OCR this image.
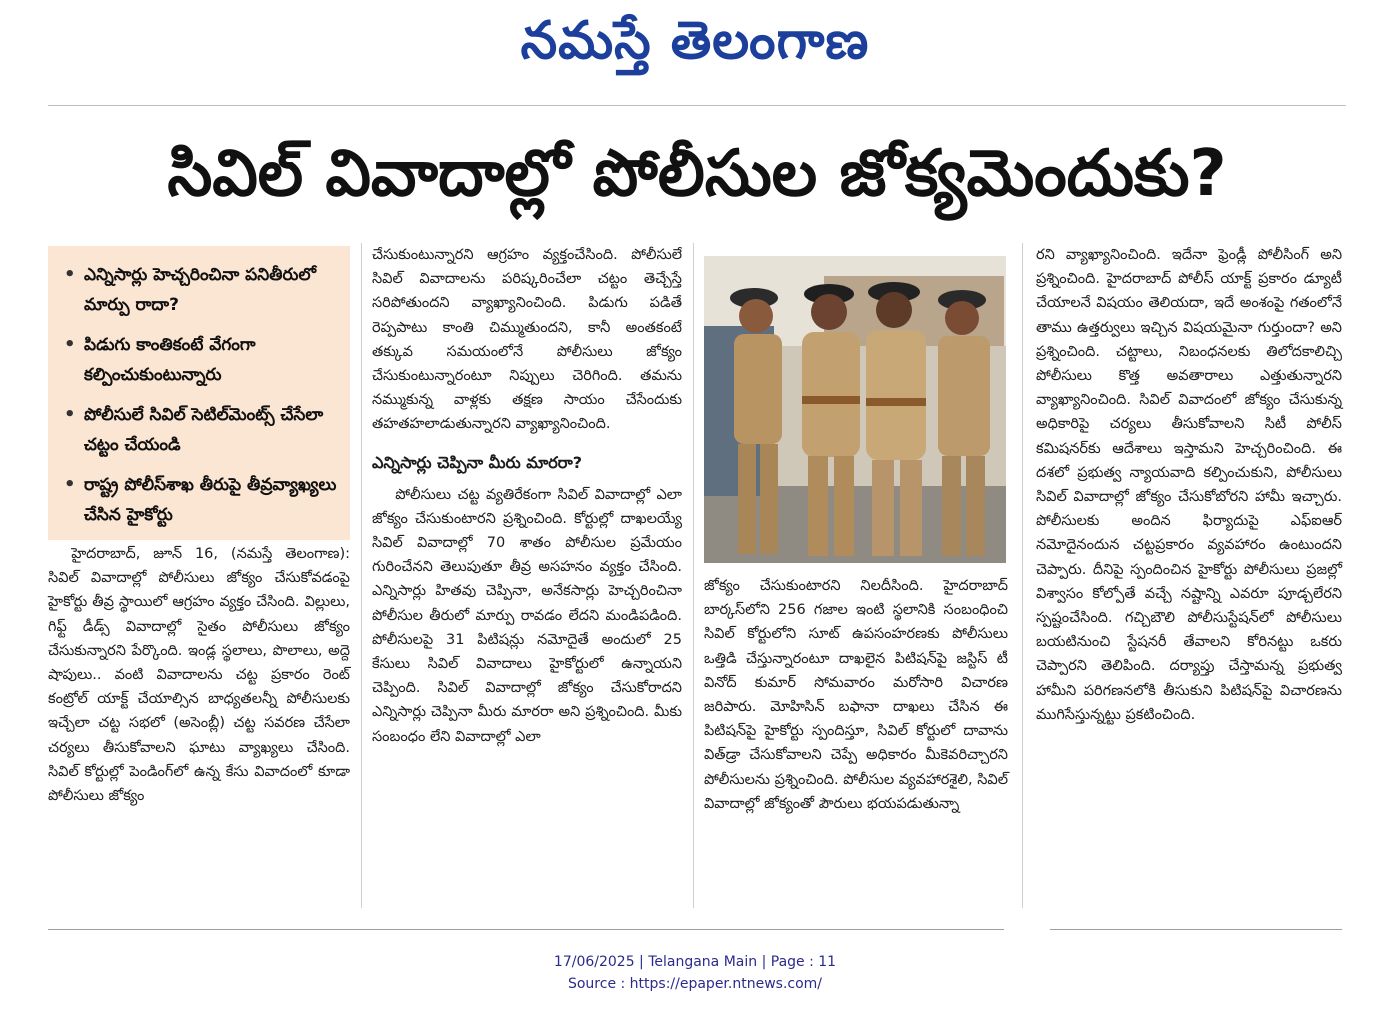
నమస్తే తెలంగాణ
సివిల్ వివాదాల్లో పోలీసుల జోక్యమెందుకు?
• ఎన్నిసార్లు హెచ్చరించినా పనితీరులో మార్పు రాదా?
• పిడుగు కాంతికంటే వేగంగా కల్పించుకుంటున్నారు
• పోలీసులే సివిల్ సెటిల్‌మెంట్స్ చేసేలా చట్టం చేయండి
• రాష్ట్ర పోలీస్‌శాఖ తీరుపై తీవ్రవ్యాఖ్యలు చేసిన హైకోర్టు

హైదరాబాద్, జూన్ 16, (నమస్తే తెలంగాణ): సివిల్ వివాదాల్లో పోలీసులు జోక్యం చేసుకోవడంపై హైకోర్టు తీవ్ర స్థాయిలో ఆగ్రహం వ్యక్తం చేసింది. విల్లులు, గిఫ్ట్ డీడ్స్ వివాదాల్లో సైతం పోలీసులు జోక్యం చేసుకున్నారని పేర్కొంది. ఇండ్ల స్థలాలు, పొలాలు, అద్దె షాపులు.. వంటి వివాదాలను చట్ట ప్రకారం రెంట్ కంట్రోల్ యాక్ట్ చేయాల్సిన బాధ్యతలన్నీ పోలీసులకు ఇచ్చేలా చట్ట సభలో (అసెంబ్లీ) చట్ట సవరణ చేసేలా చర్యలు తీసుకోవాలని ఘాటు వ్యాఖ్యలు చేసింది. సివిల్ కోర్టుల్లో పెండింగ్‌లో ఉన్న కేసు వివాదంలో కూడా పోలీసులు జోక్యం

చేసుకుంటున్నారని ఆగ్రహం వ్యక్తంచేసింది. పోలీసులే సివిల్ వివాదాలను పరిష్కరించేలా చట్టం తెచ్చేస్తే సరిపోతుందని వ్యాఖ్యానించింది. పిడుగు పడితే రెప్పపాటు కాంతి చిమ్ముతుందని, కానీ అంతకంటే తక్కువ సమయంలోనే పోలీసులు జోక్యం చేసుకుంటున్నారంటూ నిప్పులు చెరిగింది. తమను నమ్ముకున్న వాళ్లకు తక్షణ సాయం చేసేందుకు తహతహలాడుతున్నారని వ్యాఖ్యానించింది.

ఎన్నిసార్లు చెప్పినా మీరు మారరా?

పోలీసులు చట్ట వ్యతిరేకంగా సివిల్ వివాదాల్లో ఎలా జోక్యం చేసుకుంటారని ప్రశ్నించింది. కోర్టుల్లో దాఖలయ్యే సివిల్ వివాదాల్లో 70 శాతం పోలీసుల ప్రమేయం గురించేనని తెలుపుతూ తీవ్ర అసహనం వ్యక్తం చేసింది. ఎన్నిసార్లు హితవు చెప్పినా, అనేకసార్లు హెచ్చరించినా పోలీసుల తీరులో మార్పు రావడం లేదని మండిపడింది. పోలీసులపై 31 పిటిషన్లు నమోదైతే అందులో 25 కేసులు సివిల్ వివాదాలు హైకోర్టులో ఉన్నాయని చెప్పింది. సివిల్ వివాదాల్లో జోక్యం చేసుకోరాదని ఎన్నిసార్లు చెప్పినా మీరు మారరా అని ప్రశ్నించింది. మీకు సంబంధం లేని వివాదాల్లో ఎలా

జోక్యం చేసుకుంటారని నిలదీసింది. హైదరాబాద్ బార్కస్‌లోని 256 గజాల ఇంటి స్థలానికి సంబంధించి సివిల్ కోర్టులోని సూట్ ఉపసంహరణకు పోలీసులు ఒత్తిడి చేస్తున్నారంటూ దాఖలైన పిటిషన్‌పై జస్టిస్ టీ వినోద్ కుమార్ సోమవారం మరోసారి విచారణ జరిపారు. మోహిసిన్ బఫానా దాఖలు చేసిన ఈ పిటిషన్‌పై హైకోర్టు స్పందిస్తూ, సివిల్ కోర్టులో దావాను విత్‌డ్రా చేసుకోవాలని చెప్పే అధికారం మీకెవరిచ్చారని పోలీసులను ప్రశ్నించింది. పోలీసుల వ్యవహారశైలి, సివిల్ వివాదాల్లో జోక్యంతో పౌరులు భయపడుతున్నా

రని వ్యాఖ్యానించింది. ఇదేనా ఫ్రెండ్లీ పోలీసింగ్ అని ప్రశ్నించింది. హైదరాబాద్ పోలీస్ యాక్ట్ ప్రకారం డ్యూటీ చేయాలనే విషయం తెలియదా, ఇదే అంశంపై గతంలోనే తాము ఉత్తర్వులు ఇచ్చిన విషయమైనా గుర్తుందా? అని ప్రశ్నించింది. చట్టాలు, నిబంధనలకు తిలోదకాలిచ్చి పోలీసులు కొత్త అవతారాలు ఎత్తుతున్నారని వ్యాఖ్యానించింది. సివిల్ వివాదంలో జోక్యం చేసుకున్న అధికారిపై చర్యలు తీసుకోవాలని సిటీ పోలీస్ కమిషనర్‌కు ఆదేశాలు ఇస్తామని హెచ్చరించింది. ఈ దశలో ప్రభుత్వ న్యాయవాది కల్పించుకుని, పోలీసులు సివిల్ వివాదాల్లో జోక్యం చేసుకోబోరని హామీ ఇచ్చారు. పోలీసులకు అందిన ఫిర్యాదుపై ఎఫ్ఐఆర్ నమోదైనందున చట్టప్రకారం వ్యవహారం ఉంటుందని చెప్పారు. దీనిపై స్పందించిన హైకోర్టు పోలీసులు ప్రజల్లో విశ్వాసం కోల్పోతే వచ్చే నష్టాన్ని ఎవరూ పూడ్చలేరని స్పష్టంచేసింది. గచ్చిబౌలి పోలీసుస్టేషన్‌లో పోలీసులు బయటినుంచి స్టేషనరీ తేవాలని కోరినట్టు ఒకరు చెప్పారని తెలిపింది. దర్యాప్తు చేస్తామన్న ప్రభుత్వ హామీని పరిగణనలోకి తీసుకుని పిటిషన్‌పై విచారణను ముగిసేస్తున్నట్టు ప్రకటించింది.

17/06/2025 | Telangana Main | Page : 11
Source : https://epaper.ntnews.com/
